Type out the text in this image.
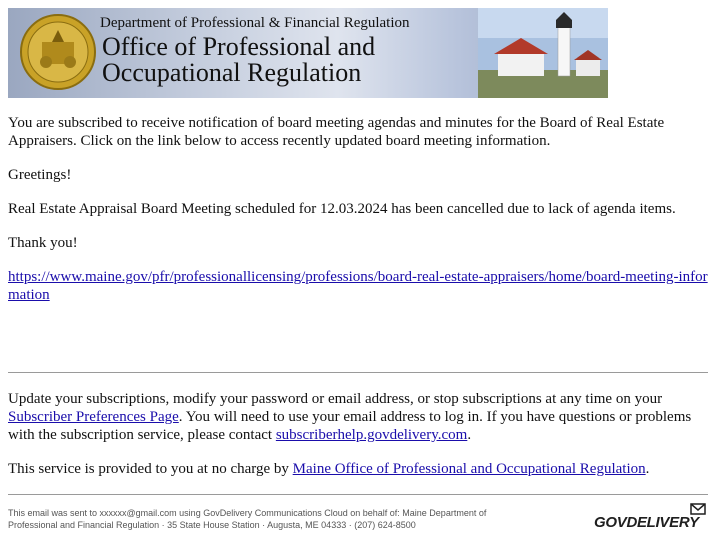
Department of Professional & Financial Regulation
Office of Professional and
Occupational Regulation

You are subscribed to receive notification of board meeting agendas and minutes for the Board of Real Estate Appraisers. Click on the link below to access recently updated board meeting information.

Greetings!

Real Estate Appraisal Board Meeting scheduled for 12.03.2024 has been cancelled due to lack of agenda items.

Thank you!

https://www.maine.gov/pfr/professionallicensing/professions/board-real-estate-appraisers/home/board-meeting-information

Update your subscriptions, modify your password or email address, or stop subscriptions at any time on your Subscriber Preferences Page. You will need to use your email address to log in. If you have questions or problems with the subscription service, please contact subscriberhelp.govdelivery.com.

This service is provided to you at no charge by Maine Office of Professional and Occupational Regulation.

This email was sent to xxxxxx@gmail.com using GovDelivery Communications Cloud on behalf of: Maine Department of
Professional and Financial Regulation · 35 State House Station · Augusta, ME 04333 · (207) 624-8500	GOVDELIVERY
